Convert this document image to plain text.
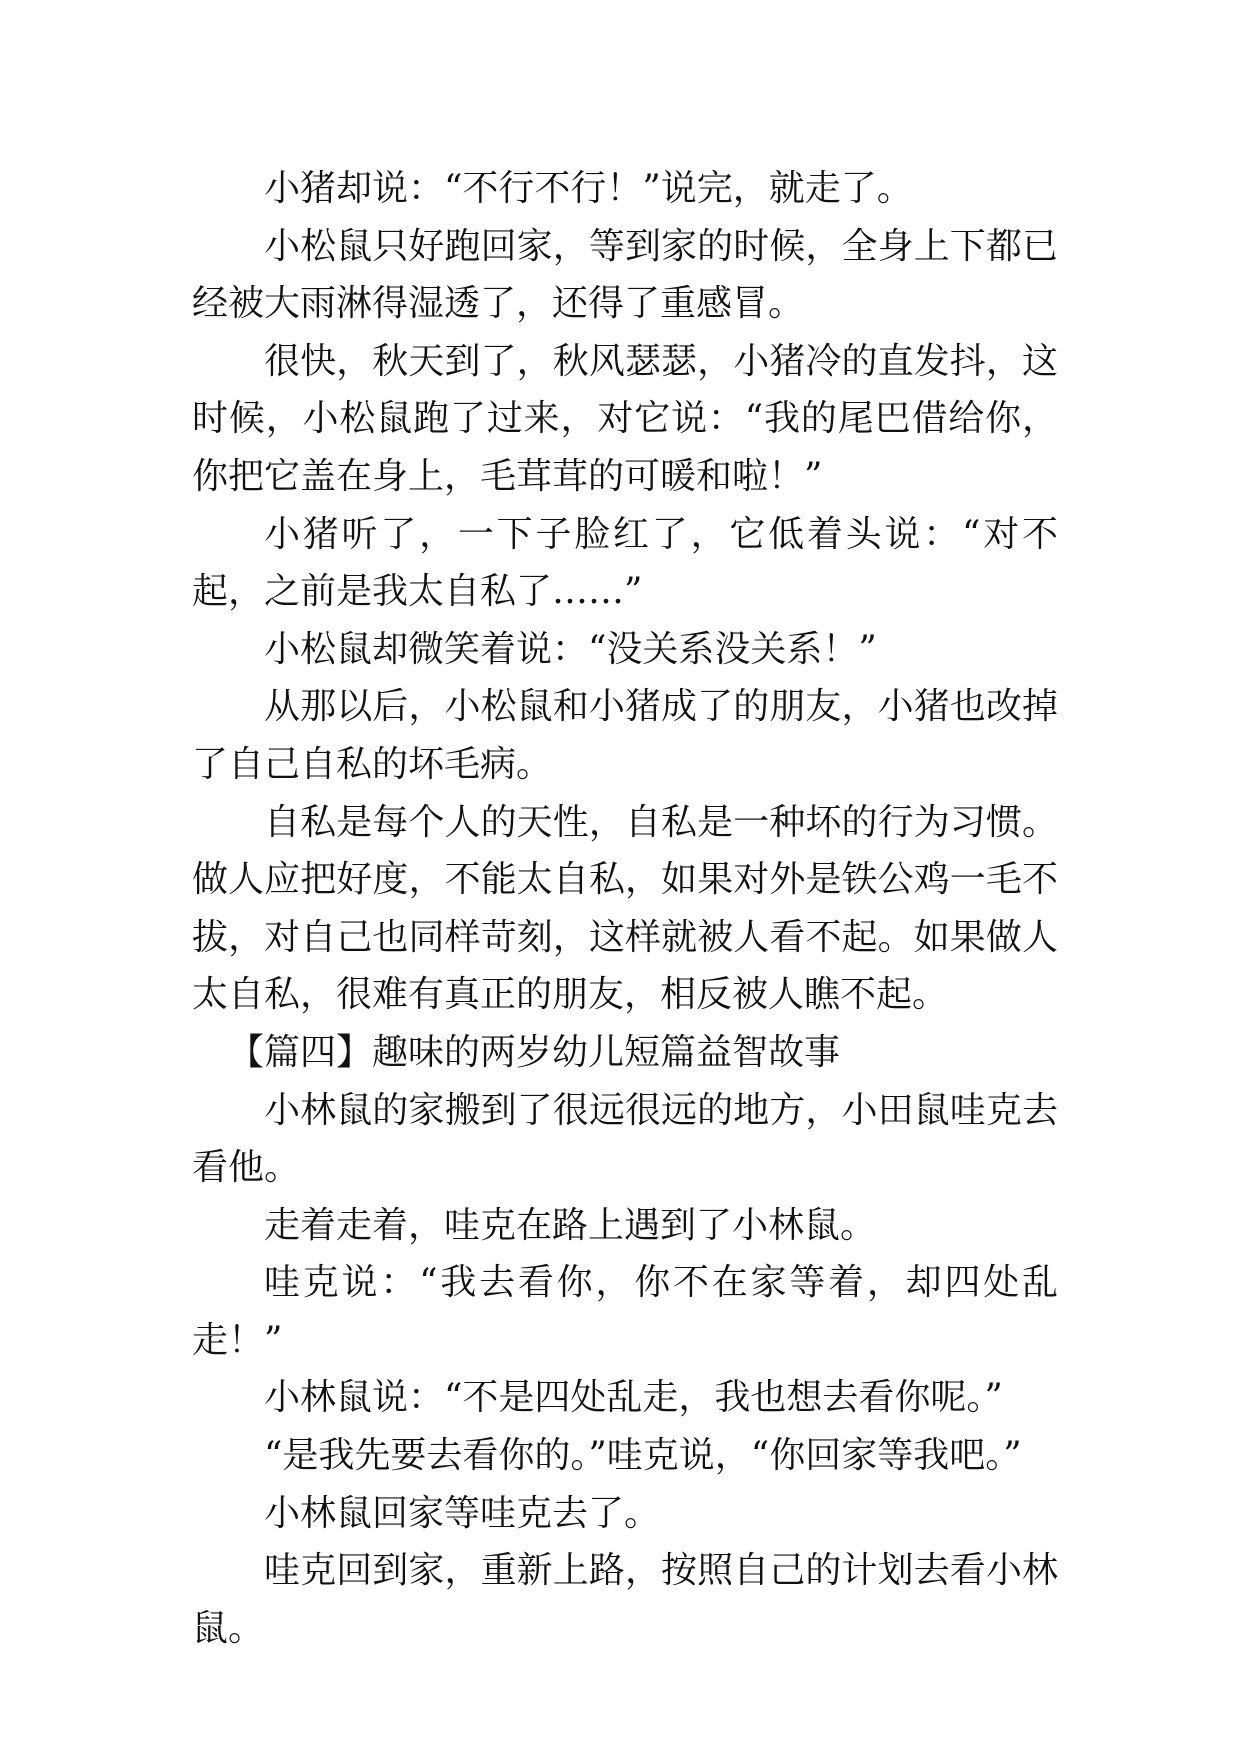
小猪却说：“不行不行！”说完，就走了。

小松鼠只好跑回家，等到家的时候，全身上下都已经被大雨淋得湿透了，还得了重感冒。

很快，秋天到了，秋风瑟瑟，小猪冷的直发抖，这时候，小松鼠跑了过来，对它说：“我的尾巴借给你，你把它盖在身上，毛茸茸的可暖和啦！”

小猪听了，一下子脸红了，它低着头说：“对不起，之前是我太自私了……”

小松鼠却微笑着说：“没关系没关系！”

从那以后，小松鼠和小猪成了的朋友，小猪也改掉了自己自私的坏毛病。

自私是每个人的天性，自私是一种坏的行为习惯。做人应把好度，不能太自私，如果对外是铁公鸡一毛不拔，对自己也同样苛刻，这样就被人看不起。如果做人太自私，很难有真正的朋友，相反被人瞧不起。

【篇四】趣味的两岁幼儿短篇益智故事

小林鼠的家搬到了很远很远的地方，小田鼠哇克去看他。

走着走着，哇克在路上遇到了小林鼠。

哇克说：“我去看你，你不在家等着，却四处乱走！”

小林鼠说：“不是四处乱走，我也想去看你呢。”

“是我先要去看你的。”哇克说，“你回家等我吧。”

小林鼠回家等哇克去了。

哇克回到家，重新上路，按照自己的计划去看小林鼠。
